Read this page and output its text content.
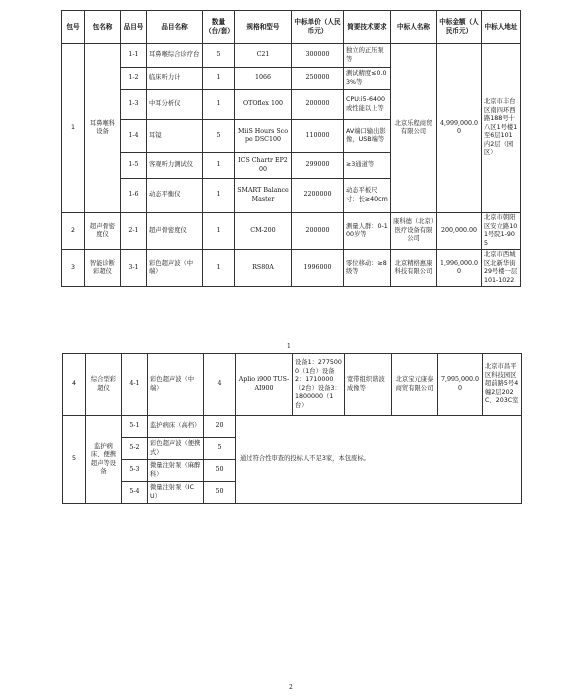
包号	包名称	品目号	品目名称	数量（台/套）	规格和型号	中标单价（人民币元）	简要技术要求	中标人名称	中标金额（人民币元）	中标人地址
1	耳鼻喉科设备	1-1	耳鼻喉综合诊疗台	5	C21	300000	独立的正压泵等	北京乐程商贸有限公司	4,999,000.00	北京市丰台区南四环西路188号十八区1号楼1至6层101内2层（园区）
		1-2	临床听力计	1	1066	250000	测试精度≤0.03%等			
		1-3	中耳分析仪	1	OTOflex 100	200000	CPU:i5-6400 或性能以上等			
		1-4	耳镜	5	MiiS Hours Scope DSC100	110000	AV端口输出影像，USB端等			
		1-5	客观听力测试仪	1	ICS Chartr EP200	299000	≥3通道等			
		1-6	动态平衡仪	1	SMART Balance Master	2200000	动态平板尺寸：长≥40cm			
2	超声骨密度仪	2-1	超声骨密度仪	1	CM-200	200000	测量人群：0-100岁等	康科德（北京）医疗设备有限公司	200,000.00	北京市朝阳区安立路101号院1-905
3	智能诊断彩超仪	3-1	彩色超声波（中端）	1	RS80A	1996000	零位移动：≥8级等	北京精格惠康科技有限公司	1,996,000.00	北京市西城区北新华街29号楼一层101-1022
1
4	综合型彩超仪	4-1	彩色超声波（中端）	4	Aplio i900 TUS-AI900	设备1：2775000（1台）设备2：1710000（2台）设备3：1800000（1台）	宽带组织谐波成像等	北京宝元康泰商贸有限公司	7,995,000.00	北京市昌平区科技园区超前路5号4幢2层202C、203C室
5	监护病床、便携超声等设备	5-1	监护病床（高档）	20	通过符合性审查的投标人不足3家，本包废标。					
		5-2	彩色超声波（便携式）	5						
		5-3	微量注射泵（麻醉科）	50						
		5-4	微量注射泵（ICU）	50						
2
